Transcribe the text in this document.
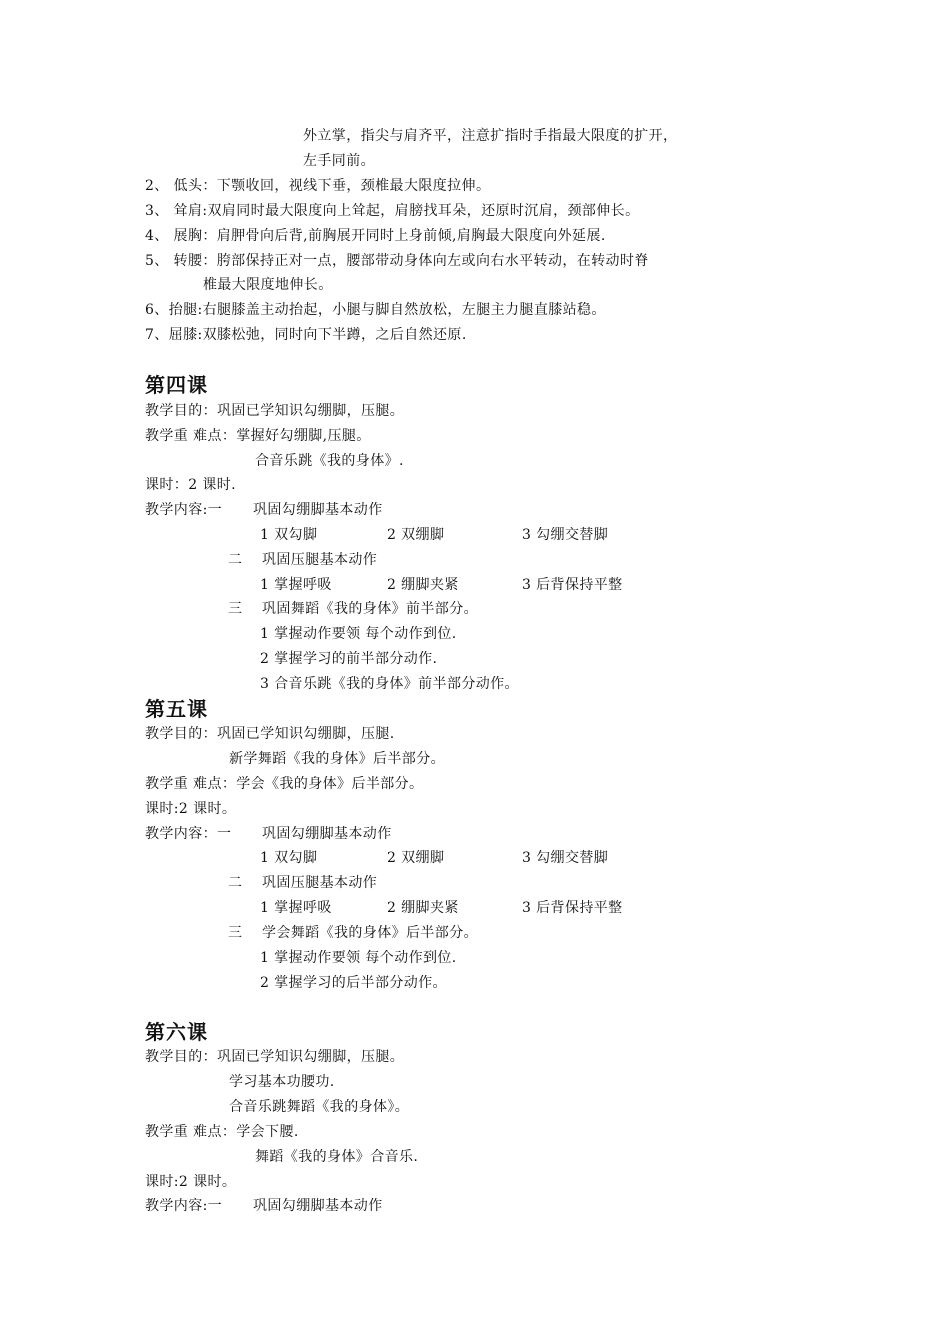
外立掌，指尖与肩齐平，注意扩指时手指最大限度的扩开，
左手同前。
2、 低头：下颚收回，视线下垂，颈椎最大限度拉伸。
3、 耸肩:双肩同时最大限度向上耸起，肩膀找耳朵，还原时沉肩，颈部伸长。
4、 展胸：肩胛骨向后背,前胸展开同时上身前倾,肩胸最大限度向外延展.
5、 转腰：胯部保持正对一点，腰部带动身体向左或向右水平转动，在转动时脊
椎最大限度地伸长。
6、抬腿:右腿膝盖主动抬起，小腿与脚自然放松，左腿主力腿直膝站稳。
7、屈膝:双膝松弛，同时向下半蹲，之后自然还原.
第四课
教学目的：巩固已学知识勾绷脚，压腿。
教学重 难点：掌握好勾绷脚,压腿。
合音乐跳《我的身体》.
课时：2 课时.
教学内容:一 巩固勾绷脚基本动作
1 双勾脚	2 双绷脚	3 勾绷交替脚
二 巩固压腿基本动作
1 掌握呼吸	2 绷脚夹紧	3 后背保持平整
三 巩固舞蹈《我的身体》前半部分。
1 掌握动作要领 每个动作到位.
2 掌握学习的前半部分动作.
3 合音乐跳《我的身体》前半部分动作。
第五课
教学目的：巩固已学知识勾绷脚，压腿.
新学舞蹈《我的身体》后半部分。
教学重 难点：学会《我的身体》后半部分。
课时:2 课时。
教学内容：一 巩固勾绷脚基本动作
1 双勾脚	2 双绷脚	3 勾绷交替脚
二 巩固压腿基本动作
1 掌握呼吸	2 绷脚夹紧	3 后背保持平整
三 学会舞蹈《我的身体》后半部分。
1 掌握动作要领 每个动作到位.
2 掌握学习的后半部分动作。
第六课
教学目的：巩固已学知识勾绷脚，压腿。
学习基本功腰功.
合音乐跳舞蹈《我的身体》。
教学重 难点：学会下腰.
舞蹈《我的身体》合音乐.
课时:2 课时。
教学内容:一 巩固勾绷脚基本动作
